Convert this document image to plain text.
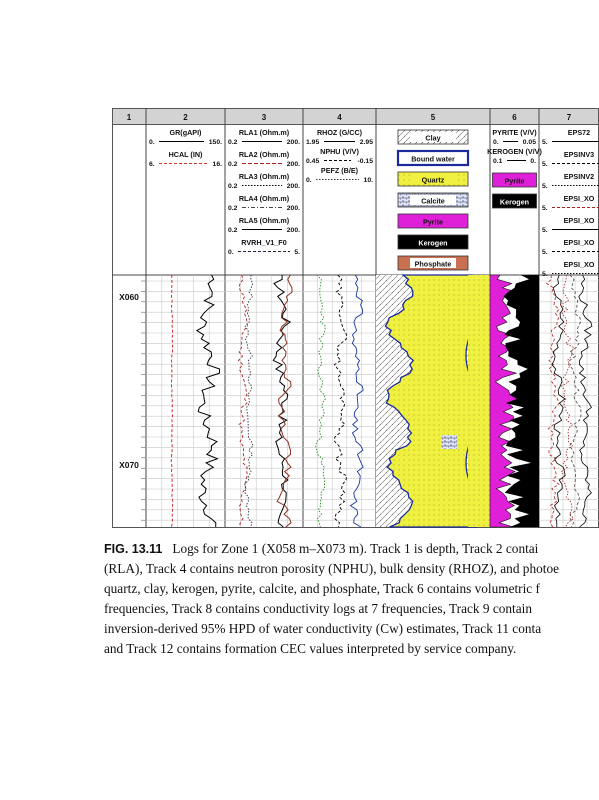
1	2	3	4	5	6	7
GR(gAPI)
0.	150.
HCAL (IN)
6.	16.
RLA1 (Ohm.m)
0.2	200.
RLA2 (Ohm.m)
0.2	200.
RLA3 (Ohm.m)
0.2	200.
RLA4 (Ohm.m)
0.2	200.
RLA5 (Ohm.m)
0.2	200.
RVRH_V1_F0
0.	5.
RHOZ (G/CC)
1.95	2.95
NPHU (V/V)
0.45	-0.15
PEFZ (B/E)
0.	10.
Clay
Bound water
Quartz
Calcite
Pyrite
Kerogen
Phosphate
PYRITE (V/V)
0.	0.05
KEROGEN (V/V)
0.1	0.
Pyrite
Kerogen
EPS72
5.
EPSINV3
5.
EPSINV2
5.
EPSI_XO
5.
EPSI_XO
5.
EPSI_XO
5.
EPSI_XO
5.
X060
X070
FIG. 13.11 Logs for Zone 1 (X058 m–X073 m). Track 1 is depth, Track 2 contai
(RLA), Track 4 contains neutron porosity (NPHU), bulk density (RHOZ), and photoe
quartz, clay, kerogen, pyrite, calcite, and phosphate, Track 6 contains volumetric f
frequencies, Track 8 contains conductivity logs at 7 frequencies, Track 9 contain
inversion-derived 95% HPD of water conductivity (Cw) estimates, Track 11 conta
and Track 12 contains formation CEC values interpreted by service company.
